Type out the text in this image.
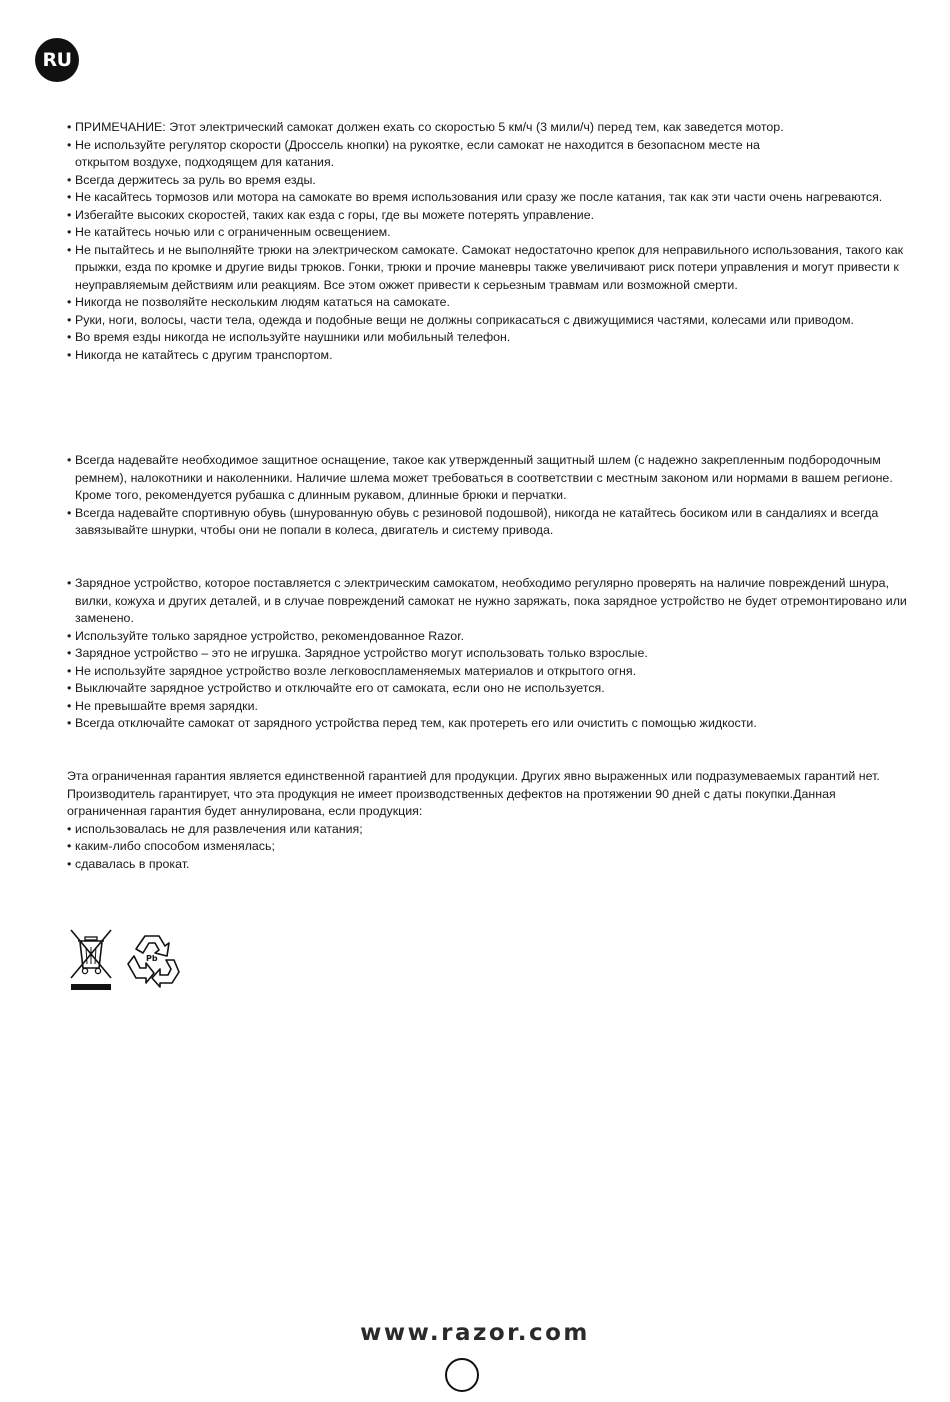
RU
• ПРИМЕЧАНИЕ: Этот электрический самокат должен ехать со скоростью 5 км/ч (3 мили/ч) перед тем, как заведется мотор.
• Не используйте регулятор скорости (Дроссель кнопки) на рукоятке, если самокат не находится в безопасном месте на открытом воздухе, подходящем для катания.
• Всегда держитесь за руль во время езды.
• Не касайтесь тормозов или мотора на самокате во время использования или сразу же после катания, так как эти части очень нагреваются.
• Избегайте высоких скоростей, таких как езда с горы, где вы можете потерять управление.
• Не катайтесь ночью или с ограниченным освещением.
• Не пытайтесь и не выполняйте трюки на электрическом самокате. Самокат недостаточно крепок для неправильного использования, такого как прыжки, езда по кромке и другие виды трюков. Гонки, трюки и прочие маневры также увеличивают риск потери управления и могут привести к неуправляемым действиям или реакциям. Все этом ожжет привести к серьезным травмам или возможной смерти.
• Никогда не позволяйте нескольким людям кататься на самокате.
• Руки, ноги, волосы, части тела, одежда и подобные вещи не должны соприкасаться с движущимися частями, колесами или приводом.
• Во время езды никогда не используйте наушники или мобильный телефон.
• Никогда не катайтесь с другим транспортом.
• Всегда надевайте необходимое защитное оснащение, такое как утвержденный защитный шлем (с надежно закрепленным подбородочным ремнем), налокотники и наколенники. Наличие шлема может требоваться в соответствии с местным законом или нормами в вашем регионе. Кроме того, рекомендуется рубашка с длинным рукавом, длинные брюки и перчатки.
• Всегда надевайте спортивную обувь (шнурованную обувь с резиновой подошвой), никогда не катайтесь босиком или в сандалиях и всегда завязывайте шнурки, чтобы они не попали в колеса, двигатель и систему привода.
• Зарядное устройство, которое поставляется с электрическим самокатом, необходимо регулярно проверять на наличие повреждений шнура, вилки, кожуха и других деталей, и в случае повреждений самокат не нужно заряжать, пока зарядное устройство не будет отремонтировано или заменено.
• Используйте только зарядное устройство, рекомендованное Razor.
• Зарядное устройство – это не игрушка. Зарядное устройство могут использовать только взрослые.
• Не используйте зарядное устройство возле легковоспламеняемых материалов и открытого огня.
• Выключайте зарядное устройство и отключайте его от самоката, если оно не используется.
• Не превышайте время зарядки.
• Всегда отключайте самокат от зарядного устройства перед тем, как протереть его или очистить с помощью жидкости.

Эта ограниченная гарантия является единственной гарантией для продукции. Других явно выраженных или подразумеваемых гарантий нет. Производитель гарантирует, что эта продукция не имеет производственных дефектов на протяжении 90 дней с даты покупки.Данная ограниченная гарантия будет аннулирована, если продукция:

• использовалась не для развлечения или катания;
• каким-либо способом изменялась;
• сдавалась в прокат.
Pb
www.razor.com
